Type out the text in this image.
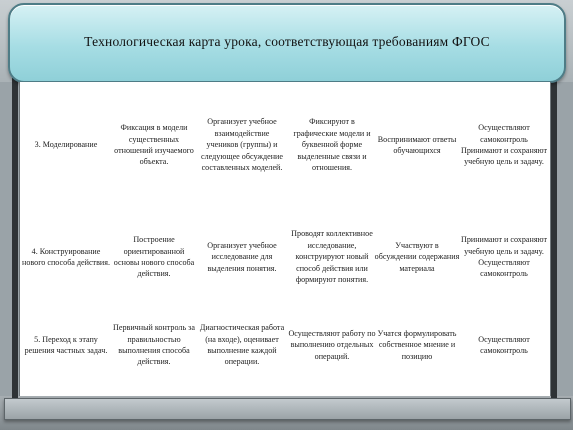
Технологическая карта урока, соответствующая требованиям ФГОС
3. Моделирование
Фиксация в модели существенных отношений изучаемого объекта.
Организует учебное взаимодействие учеников (группы) и следующее обсуждение составленных моделей.
Фиксируют в графические модели и буквенной форме выделенные связи и отношения.
Воспринимают ответы обучающихся
Осуществляют самоконтроль Принимают и сохраняют учебную цель и задачу.
4. Конструирование нового способа действия.
Построение ориентированной основы нового способа действия.
Организует учебное исследование для выделения понятия.
Проводят коллективное исследование, конструируют новый способ действия или формируют понятия.
Участвуют в обсуждении содержания материала
Принимают и сохраняют учебную цель и задачу. Осуществляют самоконтроль
5. Переход к этапу решения частных задач.
Первичный контроль за правильностью выполнения способа действия.
Диагностическая работа (на входе), оценивает выполнение каждой операции.
Осуществляют работу по выполнению отдельных операций.
Учатся формулировать собственное мнение и позицию
Осуществляют самоконтроль
